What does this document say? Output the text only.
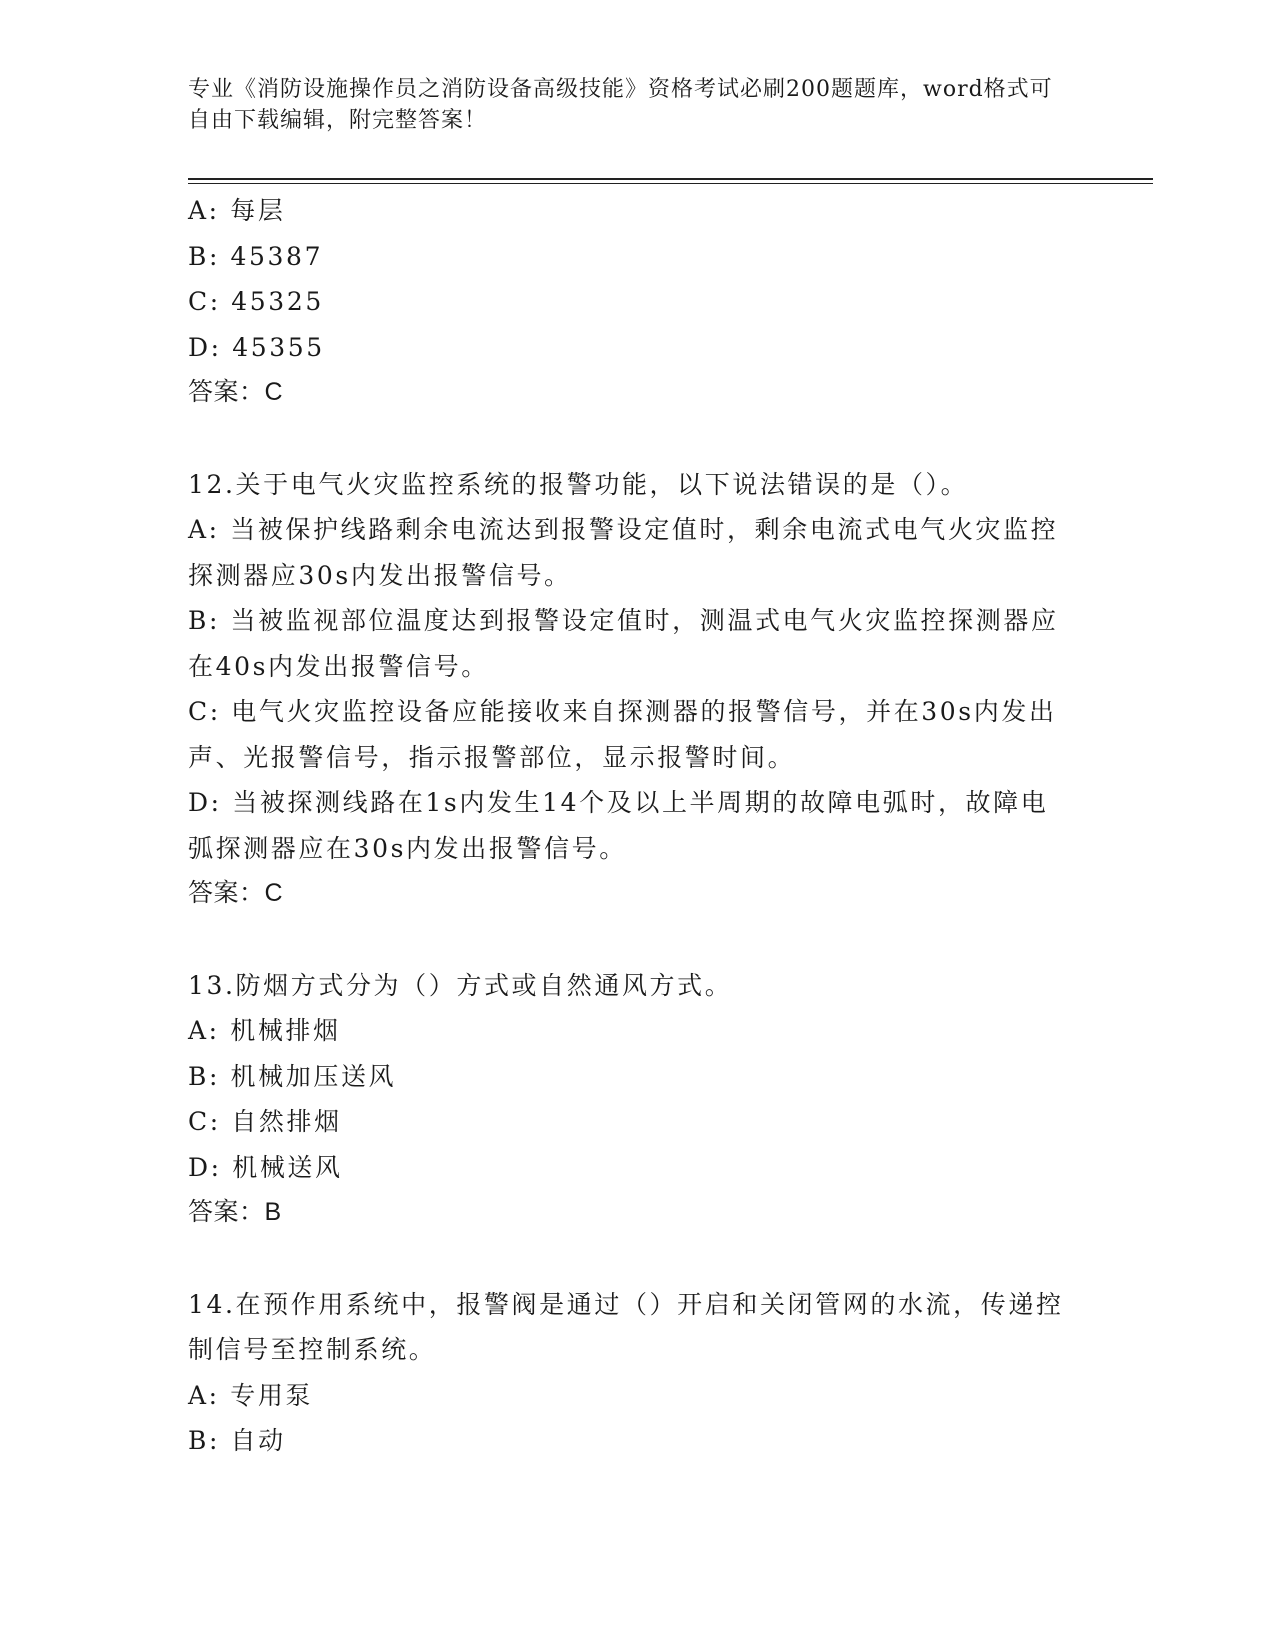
专业《消防设施操作员之消防设备高级技能》资格考试必刷200题题库，word格式可自由下载编辑，附完整答案！

A: 每层

B: 45387

C: 45325

D: 45355

答案：C

12.关于电气火灾监控系统的报警功能，以下说法错误的是（）。

A: 当被保护线路剩余电流达到报警设定值时，剩余电流式电气火灾监控探测器应30s内发出报警信号。

B: 当被监视部位温度达到报警设定值时，测温式电气火灾监控探测器应在40s内发出报警信号。

C: 电气火灾监控设备应能接收来自探测器的报警信号，并在30s内发出声、光报警信号，指示报警部位，显示报警时间。

D: 当被探测线路在1s内发生14个及以上半周期的故障电弧时，故障电弧探测器应在30s内发出报警信号。

答案：C

13.防烟方式分为（）方式或自然通风方式。

A: 机械排烟

B: 机械加压送风

C: 自然排烟

D: 机械送风

答案：B

14.在预作用系统中，报警阀是通过（）开启和关闭管网的水流，传递控制信号至控制系统。

A: 专用泵

B: 自动
